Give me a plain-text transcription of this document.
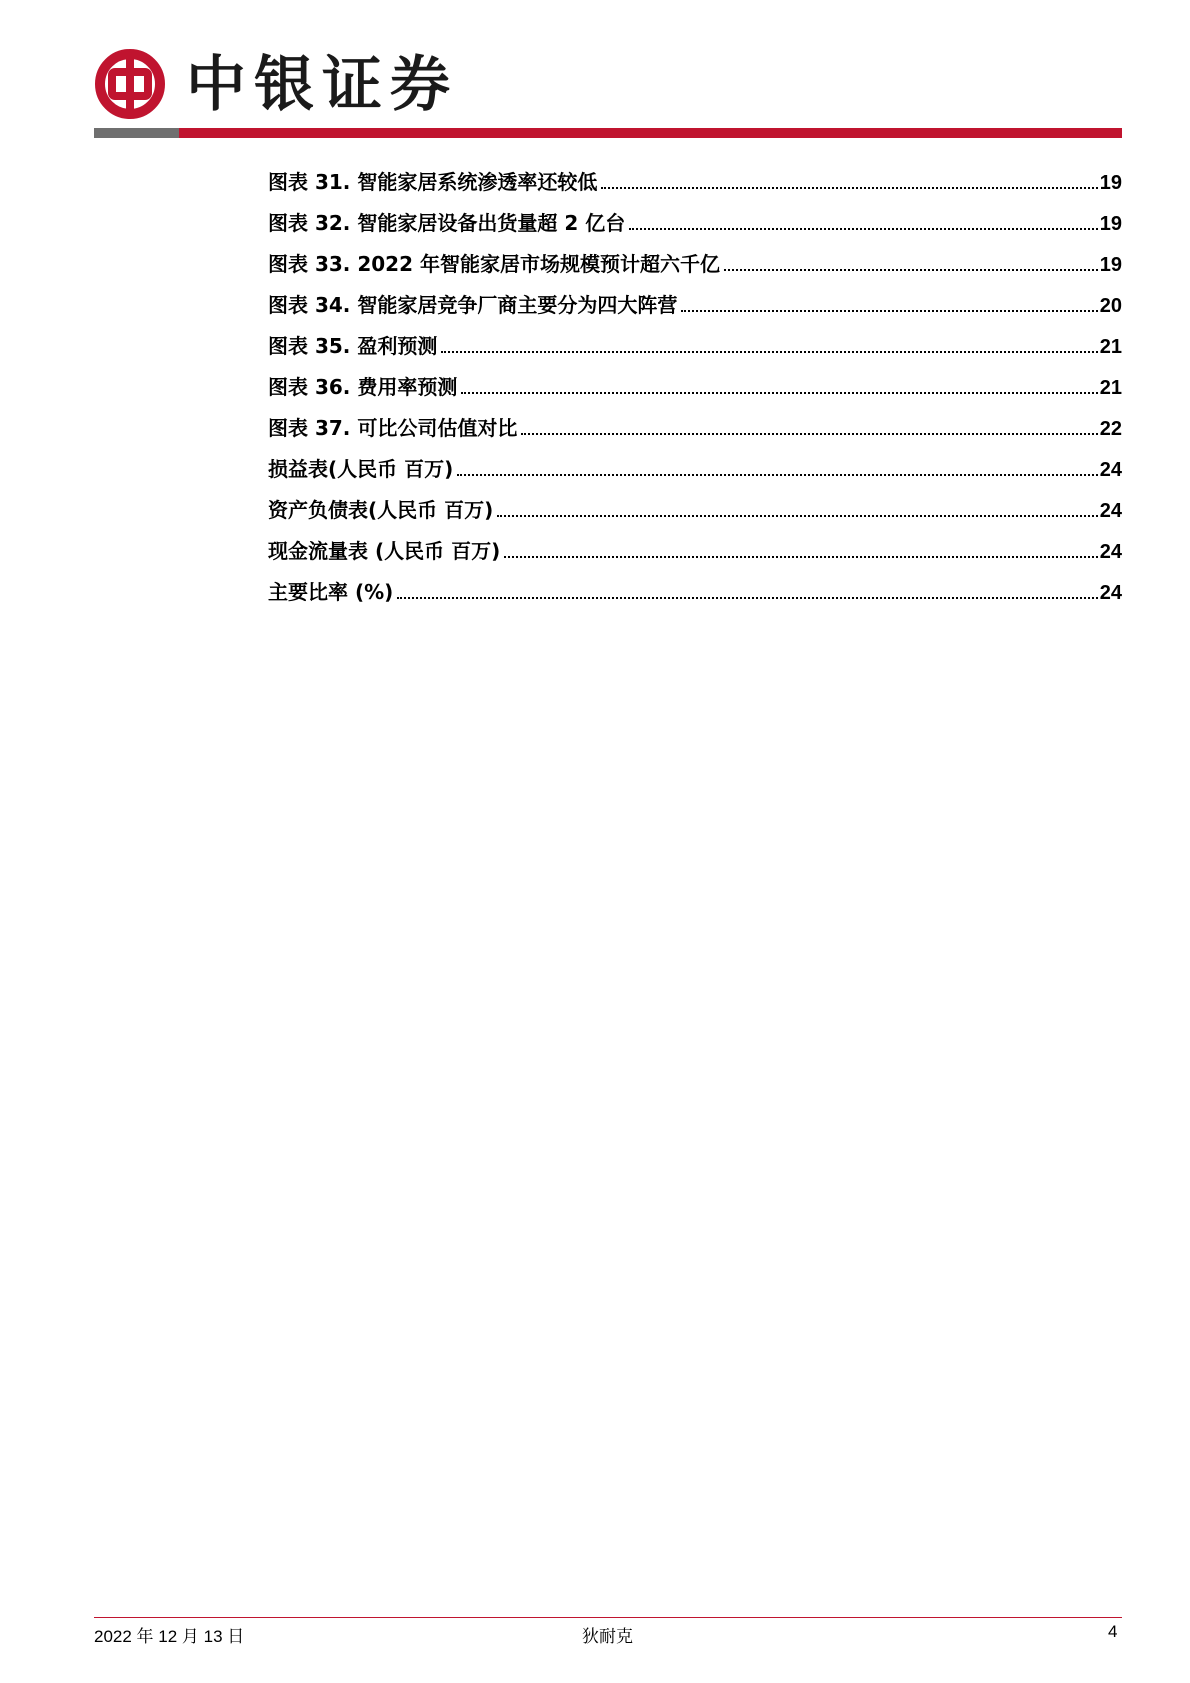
中银证券
图表 31. 智能家居系统渗透率还较低	19
图表 32. 智能家居设备出货量超 2 亿台	19
图表 33. 2022 年智能家居市场规模预计超六千亿	19
图表 34. 智能家居竞争厂商主要分为四大阵营	20
图表 35. 盈利预测	21
图表 36. 费用率预测	21
图表 37. 可比公司估值对比	22
损益表(人民币 百万)	24
资产负债表(人民币 百万)	24
现金流量表 (人民币 百万)	24
主要比率 (%)	24
2022 年 12 月 13 日	狄耐克	4
